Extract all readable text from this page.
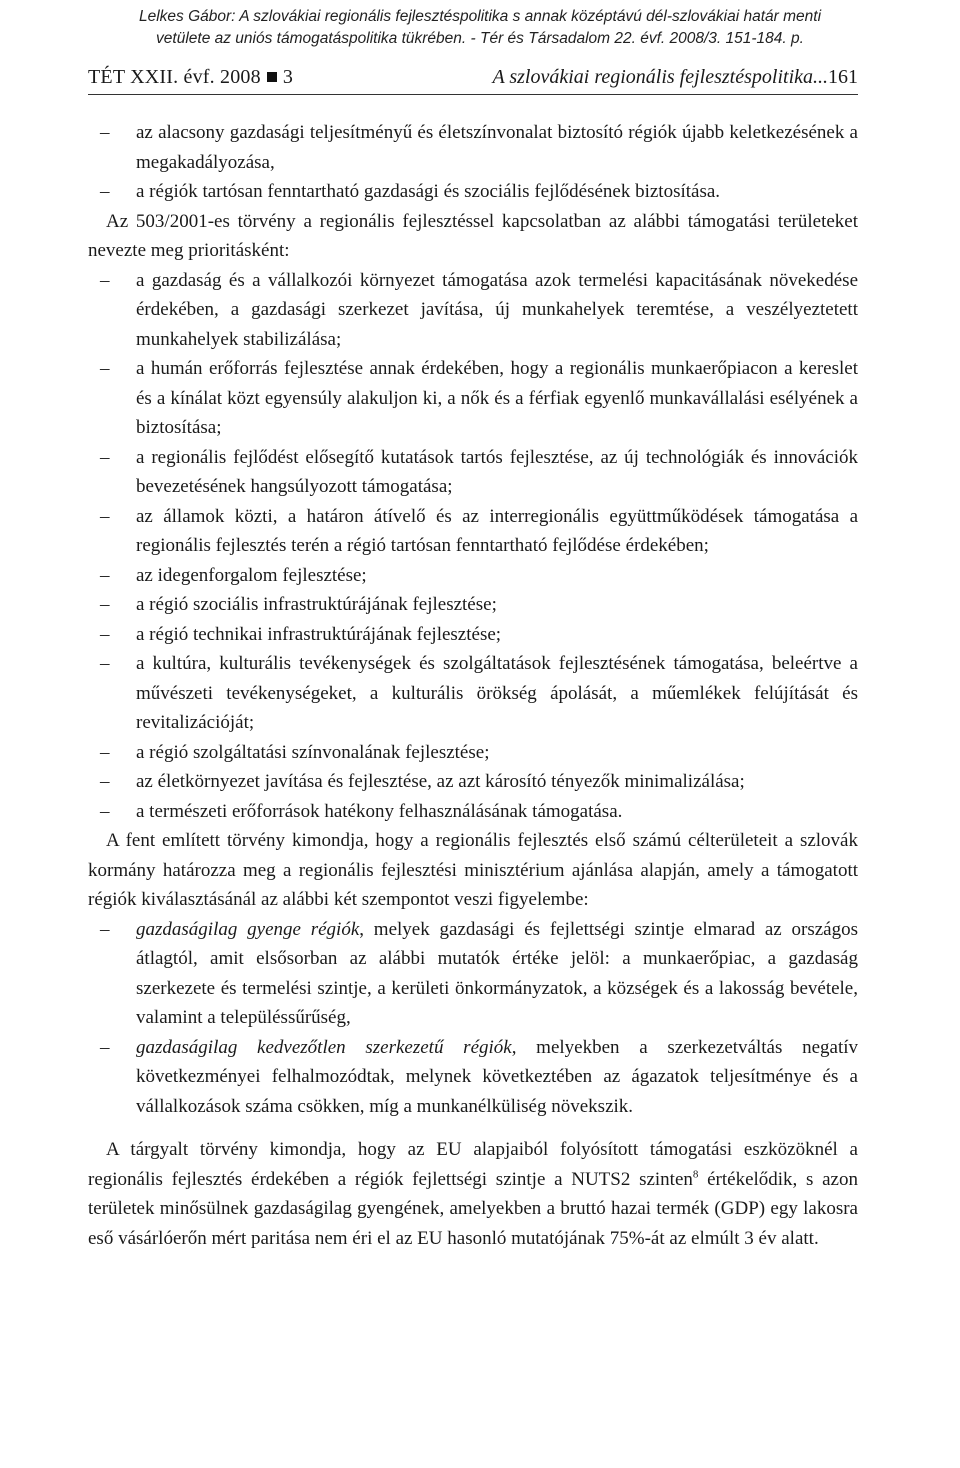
Lelkes Gábor: A szlovákiai regionális fejlesztéspolitika s annak középtávú dél-szlovákiai határ menti
vetülete az uniós támogatáspolitika tükrében. - Tér és Társadalom 22. évf. 2008/3. 151-184. p.
TÉT XXII. évf. 2008 3	A szlovákiai regionális fejlesztéspolitika...161
– az alacsony gazdasági teljesítményű és életszínvonalat biztosító régiók újabb keletkezésének a megakadályozása,
– a régiók tartósan fenntartható gazdasági és szociális fejlődésének biztosítása.

Az 503/2001-es törvény a regionális fejlesztéssel kapcsolatban az alábbi támogatási területeket nevezte meg prioritásként:

– a gazdaság és a vállalkozói környezet támogatása azok termelési kapacitásának növekedése érdekében, a gazdasági szerkezet javítása, új munkahelyek teremtése, a veszélyeztetett munkahelyek stabilizálása;
– a humán erőforrás fejlesztése annak érdekében, hogy a regionális munkaerőpiacon a kereslet és a kínálat közt egyensúly alakuljon ki, a nők és a férfiak egyenlő munkavállalási esélyének a biztosítása;
– a regionális fejlődést elősegítő kutatások tartós fejlesztése, az új technológiák és innovációk bevezetésének hangsúlyozott támogatása;
– az államok közti, a határon átívelő és az interregionális együttműködések támogatása a regionális fejlesztés terén a régió tartósan fenntartható fejlődése érdekében;
– az idegenforgalom fejlesztése;
– a régió szociális infrastruktúrájának fejlesztése;
– a régió technikai infrastruktúrájának fejlesztése;
– a kultúra, kulturális tevékenységek és szolgáltatások fejlesztésének támogatása, beleértve a művészeti tevékenységeket, a kulturális örökség ápolását, a műemlékek felújítását és revitalizációját;
– a régió szolgáltatási színvonalának fejlesztése;
– az életkörnyezet javítása és fejlesztése, az azt károsító tényezők minimalizálása;
– a természeti erőforrások hatékony felhasználásának támogatása.

A fent említett törvény kimondja, hogy a regionális fejlesztés első számú célterületeit a szlovák kormány határozza meg a regionális fejlesztési minisztérium ajánlása alapján, amely a támogatott régiók kiválasztásánál az alábbi két szempontot veszi figyelembe:

– gazdaságilag gyenge régiók, melyek gazdasági és fejlettségi szintje elmarad az országos átlagtól, amit elsősorban az alábbi mutatók értéke jelöl: a munkaerőpiac, a gazdaság szerkezete és termelési szintje, a kerületi önkormányzatok, a községek és a lakosság bevétele, valamint a településsűrűség,
– gazdaságilag kedvezőtlen szerkezetű régiók, melyekben a szerkezetváltás negatív következményei felhalmozódtak, melynek következtében az ágazatok teljesítménye és a vállalkozások száma csökken, míg a munkanélküliség növekszik.

A tárgyalt törvény kimondja, hogy az EU alapjaiból folyósított támogatási eszközöknél a regionális fejlesztés érdekében a régiók fejlettségi szintje a NUTS2 szinten$^8$ értékelődik, s azon területek minősülnek gazdaságilag gyengének, amelyekben a bruttó hazai termék (GDP) egy lakosra eső vásárlóerőn mért paritása nem éri el az EU hasonló mutatójának 75%-át az elmúlt 3 év alatt.
